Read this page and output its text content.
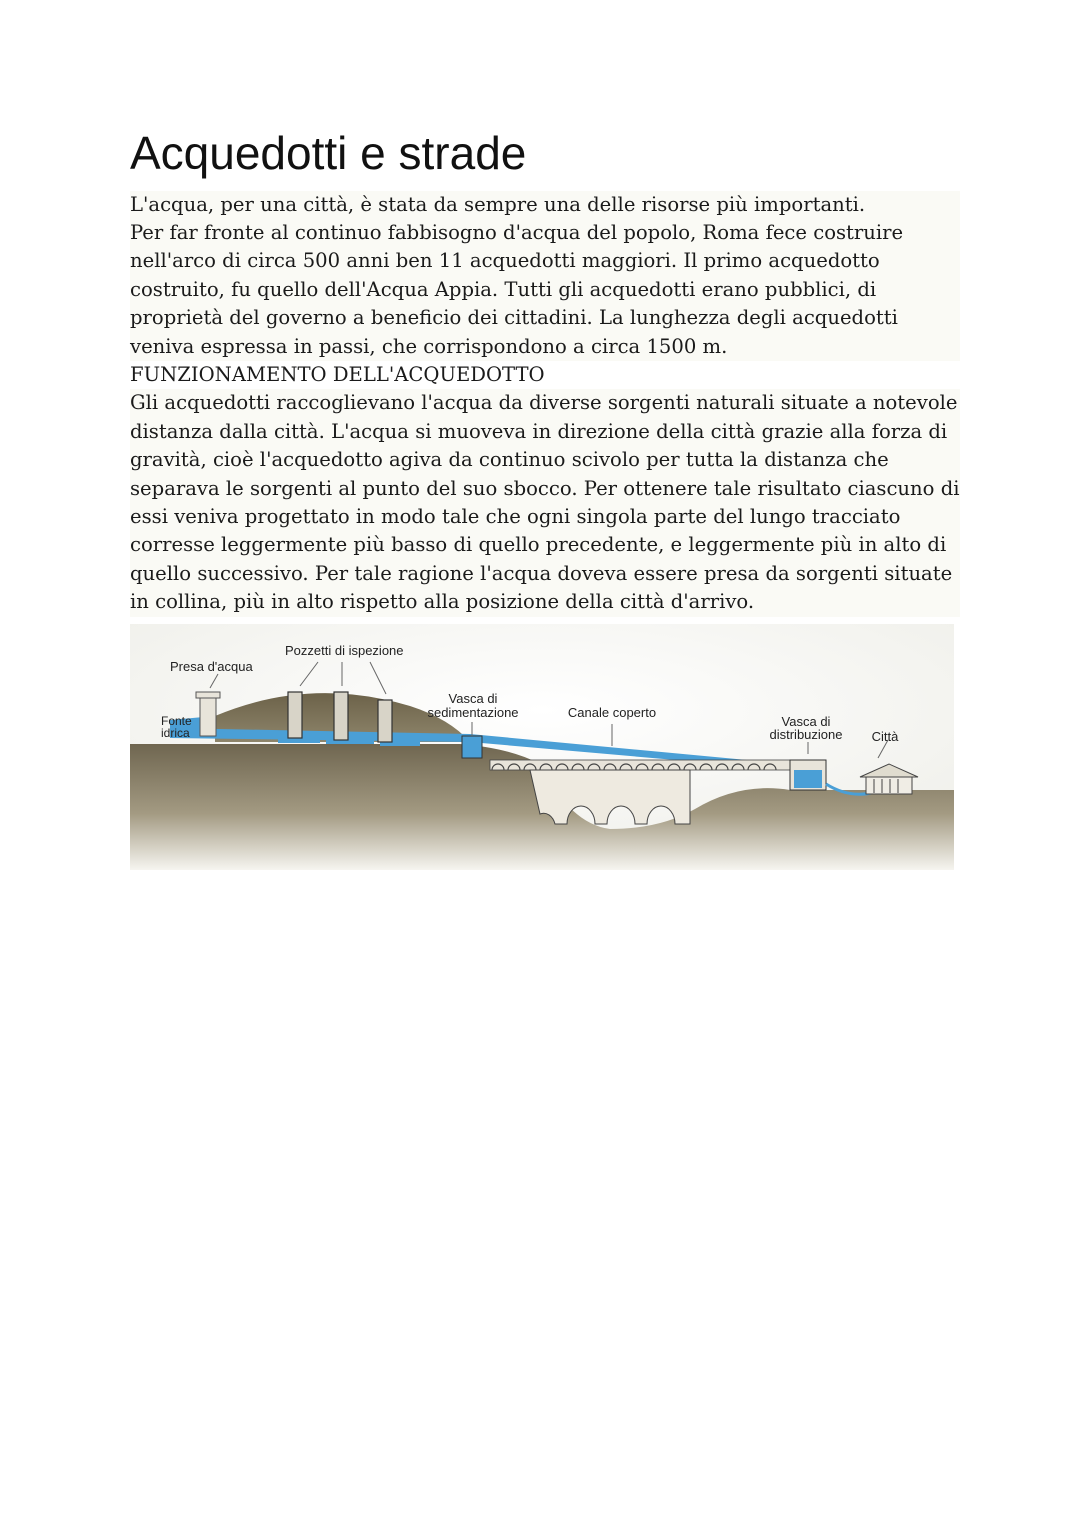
Acquedotti e strade

L'acqua, per una città, è stata da sempre una delle risorse più importanti.

Per far fronte al continuo fabbisogno d'acqua del popolo, Roma fece costruire nell'arco di circa 500 anni ben 11 acquedotti maggiori. Il primo acquedotto costruito, fu quello dell'Acqua Appia. Tutti gli acquedotti erano pubblici, di proprietà del governo a beneficio dei cittadini. La lunghezza degli acquedotti veniva espressa in passi, che corrispondono a circa 1500 m.

FUNZIONAMENTO DELL'ACQUEDOTTO

Gli acquedotti raccoglievano l'acqua da diverse sorgenti naturali situate a notevole distanza dalla città. L'acqua si muoveva in direzione della città grazie alla forza di gravità, cioè l'acquedotto agiva da continuo scivolo per tutta la distanza che separava le sorgenti al punto del suo sbocco. Per ottenere tale risultato ciascuno di essi veniva progettato in modo tale che ogni singola parte del lungo tracciato corresse leggermente più basso di quello precedente, e leggermente più in alto di quello successivo. Per tale ragione l'acqua doveva essere presa da sorgenti situate in collina, più in alto rispetto alla posizione della città d'arrivo.

Presa d'acqua
Pozzetti di ispezione
Fonte
idrica
Vasca di
sedimentazione	Canale coperto
Vasca di
distribuzione Città
